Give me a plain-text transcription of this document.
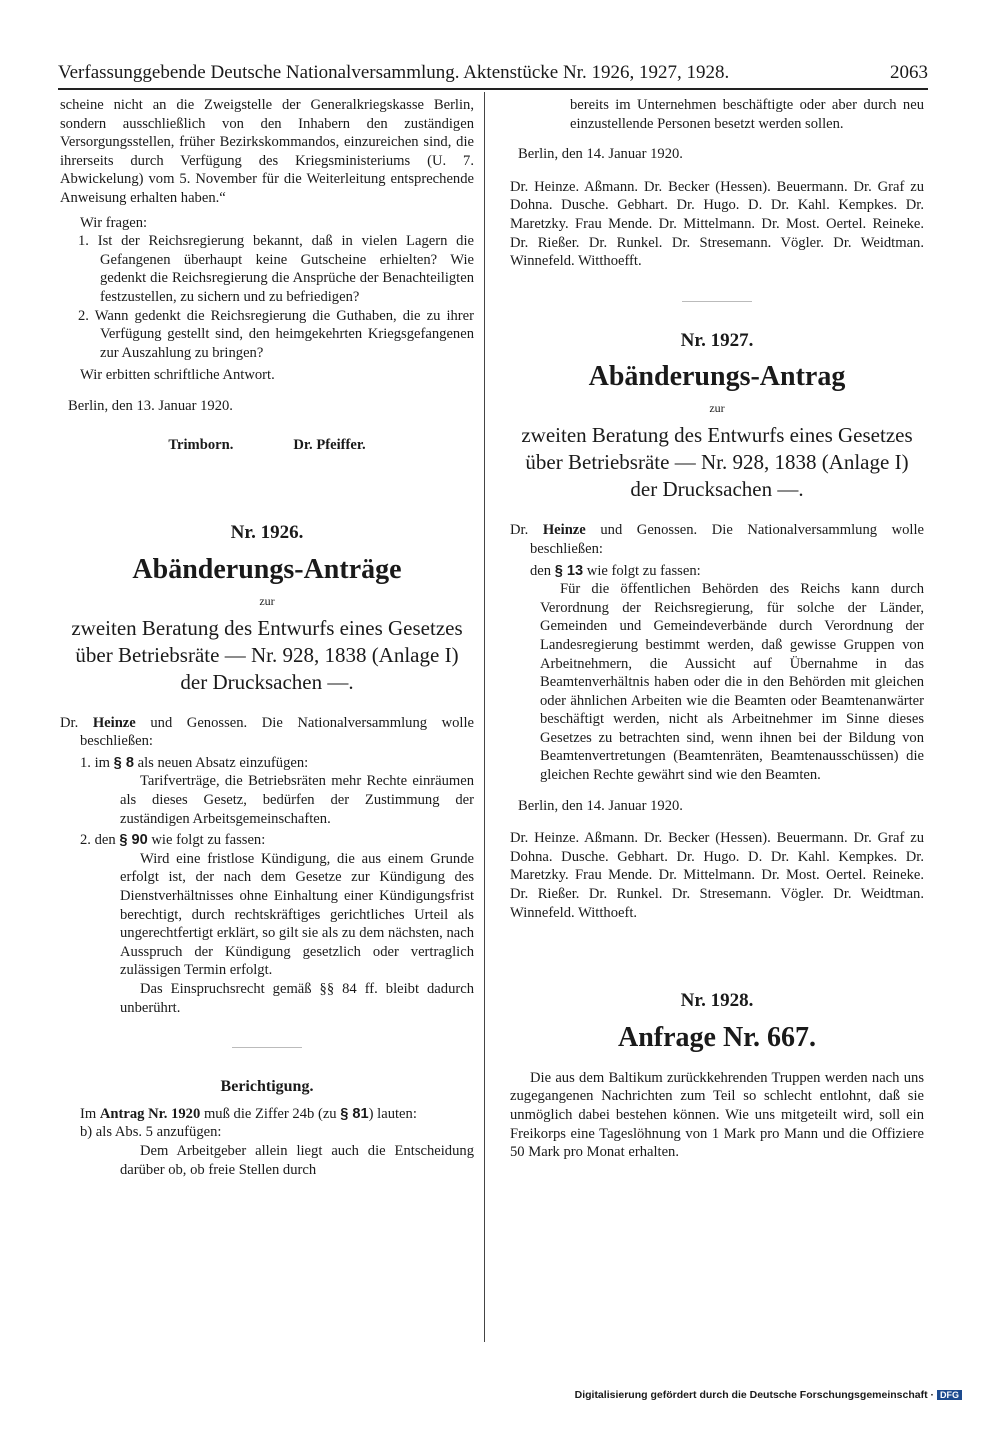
Verfassunggebende Deutsche Nationalversammlung. Aktenstücke Nr. 1926, 1927, 1928.	2063

scheine nicht an die Zweigstelle der Generalkriegskasse Berlin, sondern ausschließlich von den Inhabern den zuständigen Versorgungsstellen, früher Bezirkskommandos, einzureichen sind, die ihrerseits durch Verfügung des Kriegsministeriums (U. 7. Abwickelung) vom 5. November für die Weiterleitung entsprechende Anweisung erhalten haben.“

Wir fragen:

1. Ist der Reichsregierung bekannt, daß in vielen Lagern die Gefangenen überhaupt keine Gutscheine erhielten? Wie gedenkt die Reichsregierung die Ansprüche der Benachteiligten festzustellen, zu sichern und zu befriedigen?

2. Wann gedenkt die Reichsregierung die Guthaben, die zu ihrer Verfügung gestellt sind, den heimgekehrten Kriegsgefangenen zur Auszahlung zu bringen?

Wir erbitten schriftliche Antwort.

Berlin, den 13. Januar 1920.

Trimborn.	Dr. Pfeiffer.
Nr. 1926.
Abänderungs-Anträge
zur
zweiten Beratung des Entwurfs eines Gesetzes über Betriebsräte — Nr. 928, 1838 (Anlage I) der Drucksachen —.

Dr. Heinze und Genossen. Die Nationalversammlung wolle beschließen:

1. im § 8 als neuen Absatz einzufügen:

Tarifverträge, die Betriebsräten mehr Rechte einräumen als dieses Gesetz, bedürfen der Zustimmung der zuständigen Arbeitsgemeinschaften.

2. den § 90 wie folgt zu fassen:

Wird eine fristlose Kündigung, die aus einem Grunde erfolgt ist, der nach dem Gesetze zur Kündigung des Dienstverhältnisses ohne Einhaltung einer Kündigungsfrist berechtigt, durch rechtskräftiges gerichtliches Urteil als ungerechtfertigt erklärt, so gilt sie als zu dem nächsten, nach Ausspruch der Kündigung gesetzlich oder vertraglich zulässigen Termin erfolgt.

Das Einspruchsrecht gemäß §§ 84 ff. bleibt dadurch unberührt.

Berichtigung.

Im Antrag Nr. 1920 muß die Ziffer 24b (zu § 81) lauten:

b) als Abs. 5 anzufügen:

Dem Arbeitgeber allein liegt auch die Entscheidung darüber ob, ob freie Stellen durch

bereits im Unternehmen beschäftigte oder aber durch neu einzustellende Personen besetzt werden sollen.

Berlin, den 14. Januar 1920.

Dr. Heinze. Aßmann. Dr. Becker (Hessen). Beuermann. Dr. Graf zu Dohna. Dusche. Gebhart. Dr. Hugo. D. Dr. Kahl. Kempkes. Dr. Maretzky. Frau Mende. Dr. Mittelmann. Dr. Most. Oertel. Reineke. Dr. Rießer. Dr. Runkel. Dr. Stresemann. Vögler. Dr. Weidtman. Winnefeld. Witthoefft.

Nr. 1927.
Abänderungs-Antrag
zur
zweiten Beratung des Entwurfs eines Gesetzes über Betriebsräte — Nr. 928, 1838 (Anlage I) der Drucksachen —.

Dr. Heinze und Genossen. Die Nationalversammlung wolle beschließen:

den § 13 wie folgt zu fassen:

Für die öffentlichen Behörden des Reichs kann durch Verordnung der Reichsregierung, für solche der Länder, Gemeinden und Gemeindeverbände durch Verordnung der Landesregierung bestimmt werden, daß gewisse Gruppen von Arbeitnehmern, die Aussicht auf Übernahme in das Beamtenverhältnis haben oder die in den Behörden mit gleichen oder ähnlichen Arbeiten wie die Beamten oder Beamtenanwärter beschäftigt werden, nicht als Arbeitnehmer im Sinne dieses Gesetzes zu betrachten sind, wenn ihnen bei der Bildung von Beamtenvertretungen (Beamtenräten, Beamtenausschüssen) die gleichen Rechte gewährt sind wie den Beamten.

Berlin, den 14. Januar 1920.

Dr. Heinze. Aßmann. Dr. Becker (Hessen). Beuermann. Dr. Graf zu Dohna. Dusche. Gebhart. Dr. Hugo. D. Dr. Kahl. Kempkes. Dr. Maretzky. Frau Mende. Dr. Mittelmann. Dr. Most. Oertel. Reineke. Dr. Rießer. Dr. Runkel. Dr. Stresemann. Vögler. Dr. Weidtman. Winnefeld. Witthoeft.

Nr. 1928.
Anfrage Nr. 667.

Die aus dem Baltikum zurückkehrenden Truppen werden nach uns zugegangenen Nachrichten zum Teil so schlecht entlohnt, daß sie unmöglich dabei bestehen können. Wie uns mitgeteilt wird, soll ein Freikorps eine Tageslöhnung von 1 Mark pro Mann und die Offiziere 50 Mark pro Monat erhalten.

Digitalisierung gefördert durch die Deutsche Forschungsgemeinschaft · DFG
